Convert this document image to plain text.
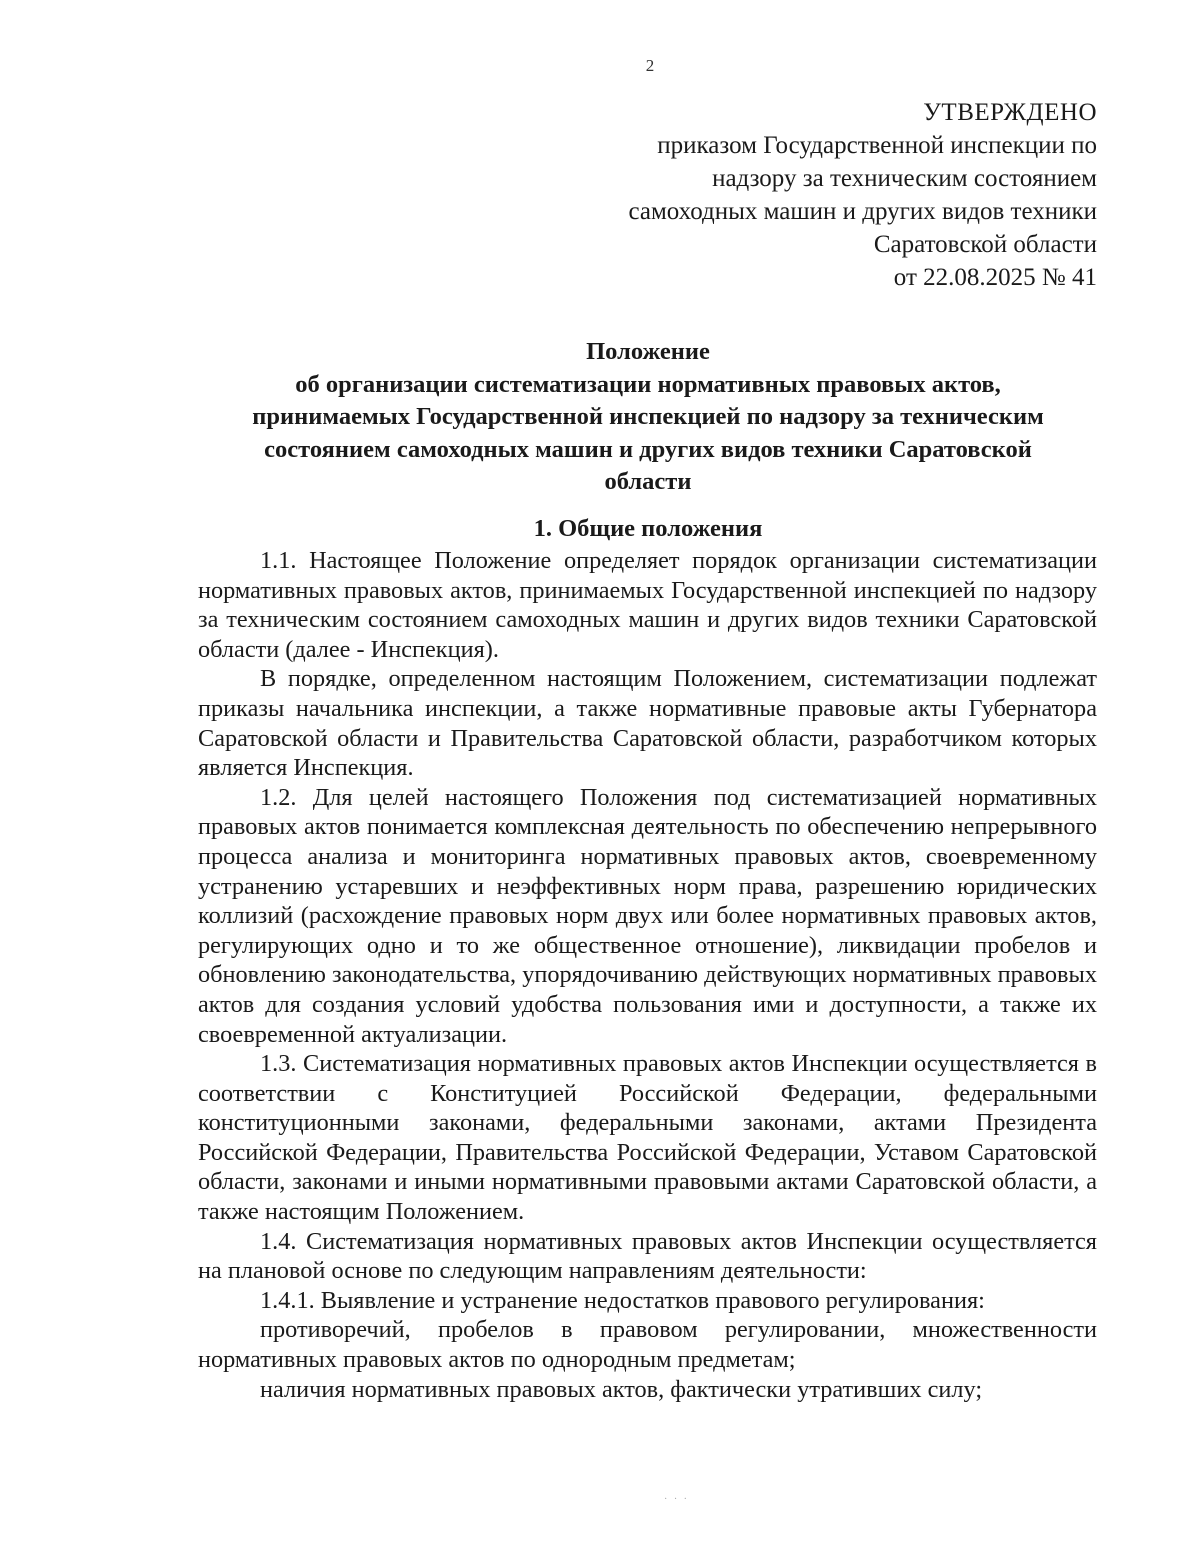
2
УТВЕРЖДЕНО
приказом Государственной инспекции по
надзору за техническим состоянием
самоходных машин и других видов техники
Саратовской области
от 22.08.2025 № 41
Положение
об организации систематизации нормативных правовых актов,
принимаемых Государственной инспекцией по надзору за техническим
состоянием самоходных машин и других видов техники Саратовской
области
1. Общие положения

1.1. Настоящее Положение определяет порядок организации систематизации нормативных правовых актов, принимаемых Государственной инспекцией по надзору за техническим состоянием самоходных машин и других видов техники Саратовской области (далее - Инспекция).

В порядке, определенном настоящим Положением, систематизации подлежат приказы начальника инспекции, а также нормативные правовые акты Губернатора Саратовской области и Правительства Саратовской области, разработчиком которых является Инспекция.

1.2. Для целей настоящего Положения под систематизацией нормативных правовых актов понимается комплексная деятельность по обеспечению непрерывного процесса анализа и мониторинга нормативных правовых актов, своевременному устранению устаревших и неэффективных норм права, разрешению юридических коллизий (расхождение правовых норм двух или более нормативных правовых актов, регулирующих одно и то же общественное отношение), ликвидации пробелов и обновлению законодательства, упорядочиванию действующих нормативных правовых актов для создания условий удобства пользования ими и доступности, а также их своевременной актуализации.

1.3. Систематизация нормативных правовых актов Инспекции осуществляется в соответствии с Конституцией Российской Федерации, федеральными конституционными законами, федеральными законами, актами Президента Российской Федерации, Правительства Российской Федерации, Уставом Саратовской области, законами и иными нормативными правовыми актами Саратовской области, а также настоящим Положением.

1.4. Систематизация нормативных правовых актов Инспекции осуществляется на плановой основе по следующим направлениям деятельности:

1.4.1. Выявление и устранение недостатков правового регулирования:

противоречий, пробелов в правовом регулировании, множественности нормативных правовых актов по однородным предметам;

наличия нормативных правовых актов, фактически утративших силу;

· · ·
